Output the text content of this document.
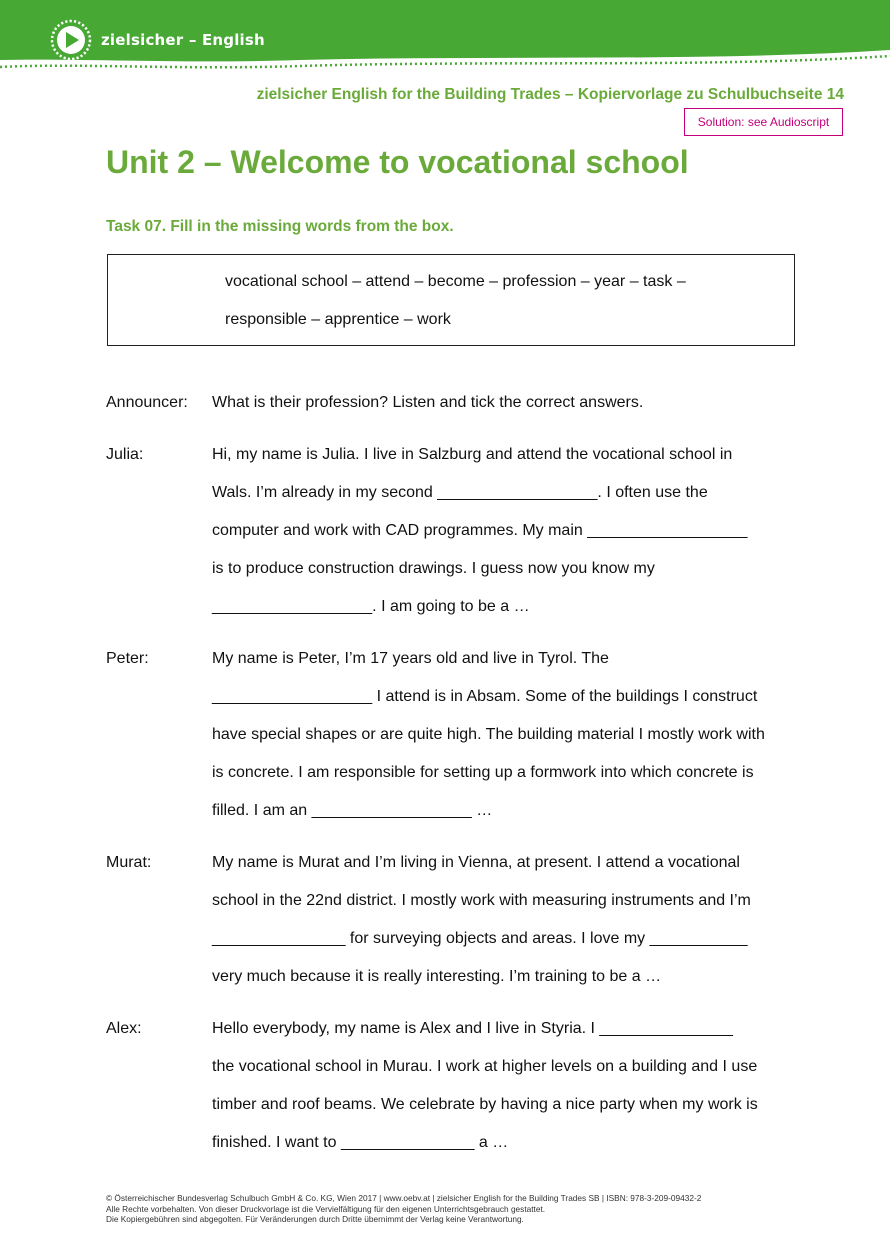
zielsicher – English
zielsicher English for the Building Trades – Kopiervorlage zu Schulbuchseite 14
Solution: see Audioscript
Unit 2 – Welcome to vocational school
Task 07. Fill in the missing words from the box.
vocational school – attend – become – profession – year – task –
responsible – apprentice – work
Announcer: What is their profession? Listen and tick the correct answers.
Julia:	Hi, my name is Julia. I live in Salzburg and attend the vocational school in
Wals. I’m already in my second __________________. I often use the
computer and work with CAD programmes. My main __________________
is to produce construction drawings. I guess now you know my
__________________. I am going to be a …
Peter:	My name is Peter, I’m 17 years old and live in Tyrol. The
__________________ I attend is in Absam. Some of the buildings I construct
have special shapes or are quite high. The building material I mostly work with
is concrete. I am responsible for setting up a formwork into which concrete is
filled. I am an __________________ …
Murat:	My name is Murat and I’m living in Vienna, at present. I attend a vocational
school in the 22nd district. I mostly work with measuring instruments and I’m
_______________ for surveying objects and areas. I love my ___________
very much because it is really interesting. I’m training to be a …
Alex:	Hello everybody, my name is Alex and I live in Styria. I _______________
the vocational school in Murau. I work at higher levels on a building and I use
timber and roof beams. We celebrate by having a nice party when my work is
finished. I want to _______________ a …
© Österreichischer Bundesverlag Schulbuch GmbH & Co. KG, Wien 2017 | www.oebv.at | zielsicher English for the Building Trades SB | ISBN: 978-3-209-09432-2
Alle Rechte vorbehalten. Von dieser Druckvorlage ist die Vervielfältigung für den eigenen Unterrichtsgebrauch gestattet.
Die Kopiergebühren sind abgegolten. Für Veränderungen durch Dritte übernimmt der Verlag keine Verantwortung.
